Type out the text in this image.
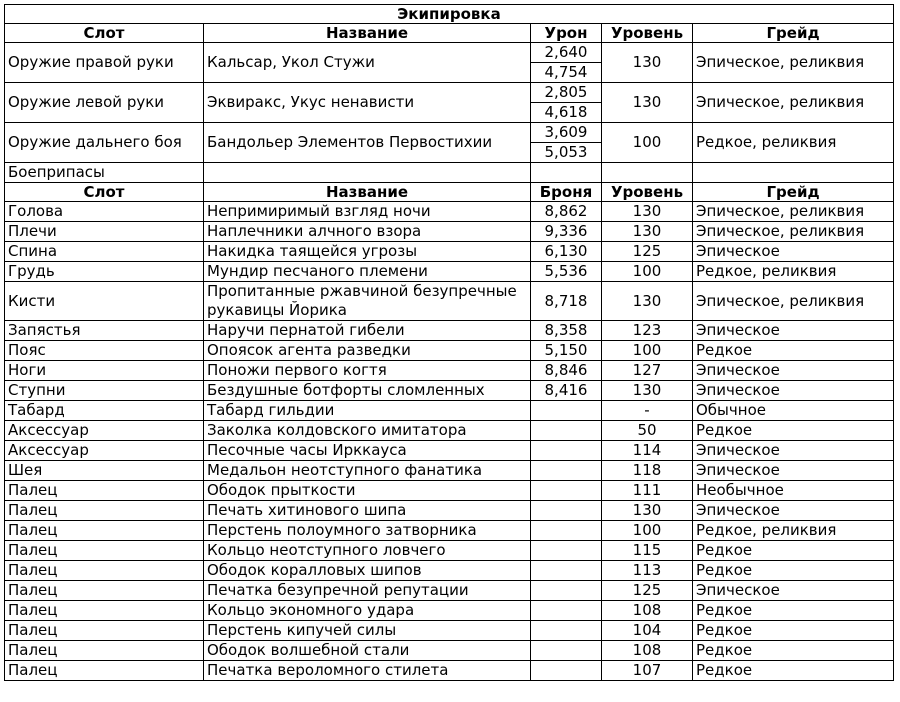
Экипировка				
Слот	Название	Урон	Уровень	Грейд
Оружие правой руки	Кальсар, Укол Стужи	2,640	130	Эпическое, реликвия
		4,754		
Оружие левой руки	Эквиракс, Укус ненависти	2,805	130	Эпическое, реликвия
		4,618		
Оружие дальнего боя	Бандольер Элементов Первостихии	3,609	100	Редкое, реликвия
		5,053		
Боеприпасы				
Слот	Название	Броня	Уровень	Грейд
Голова	Непримиримый взгляд ночи	8,862	130	Эпическое, реликвия
Плечи	Наплечники алчного взора	9,336	130	Эпическое, реликвия
Спина	Накидка таящейся угрозы	6,130	125	Эпическое
Грудь	Мундир песчаного племени	5,536	100	Редкое, реликвия
Кисти	Пропитанные ржавчиной безупречные рукавицы Йорика	8,718	130	Эпическое, реликвия
Запястья	Наручи пернатой гибели	8,358	123	Эпическое
Пояс	Опоясок агента разведки	5,150	100	Редкое
Ноги	Поножи первого когтя	8,846	127	Эпическое
Ступни	Бездушные ботфорты сломленных	8,416	130	Эпическое
Табард	Табард гильдии		-	Обычное
Аксессуар	Заколка колдовского имитатора		50	Редкое
Аксессуар	Песочные часы Ирккауса		114	Эпическое
Шея	Медальон неотступного фанатика		118	Эпическое
Палец	Ободок прыткости		111	Необычное
Палец	Печать хитинового шипа		130	Эпическое
Палец	Перстень полоумного затворника		100	Редкое, реликвия
Палец	Кольцо неотступного ловчего		115	Редкое
Палец	Ободок коралловых шипов		113	Редкое
Палец	Печатка безупречной репутации		125	Эпическое
Палец	Кольцо экономного удара		108	Редкое
Палец	Перстень кипучей силы		104	Редкое
Палец	Ободок волшебной стали		108	Редкое
Палец	Печатка вероломного стилета		107	Редкое
